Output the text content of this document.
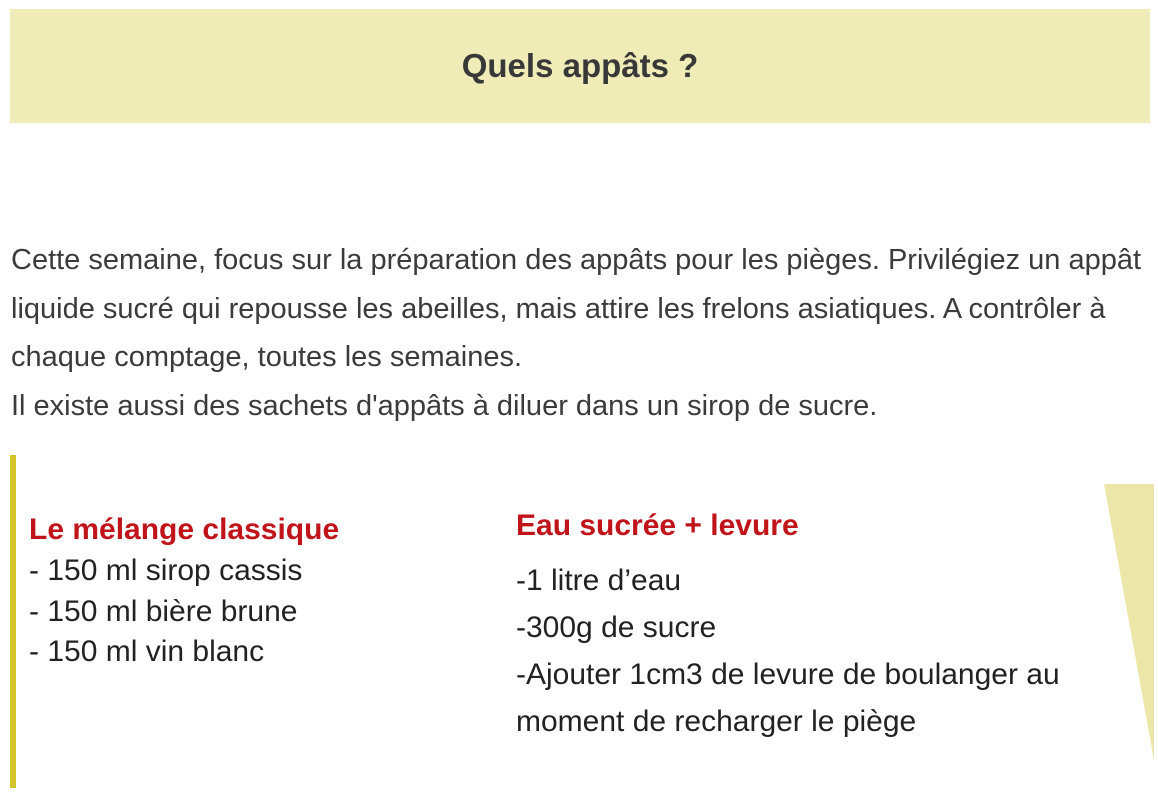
Quels appâts ?

Cette semaine, focus sur la préparation des appâts pour les pièges. Privilégiez un appât liquide sucré qui repousse les abeilles, mais attire les frelons asiatiques. A contrôler à chaque comptage, toutes les semaines.

Il existe aussi des sachets d'appâts à diluer dans un sirop de sucre.

Le mélange classique
- 150 ml sirop cassis
- 150 ml bière brune
- 150 ml vin blanc
Eau sucrée + levure
-1 litre d’eau
-300g de sucre
-Ajouter 1cm3 de levure de boulanger au moment de recharger le piège
